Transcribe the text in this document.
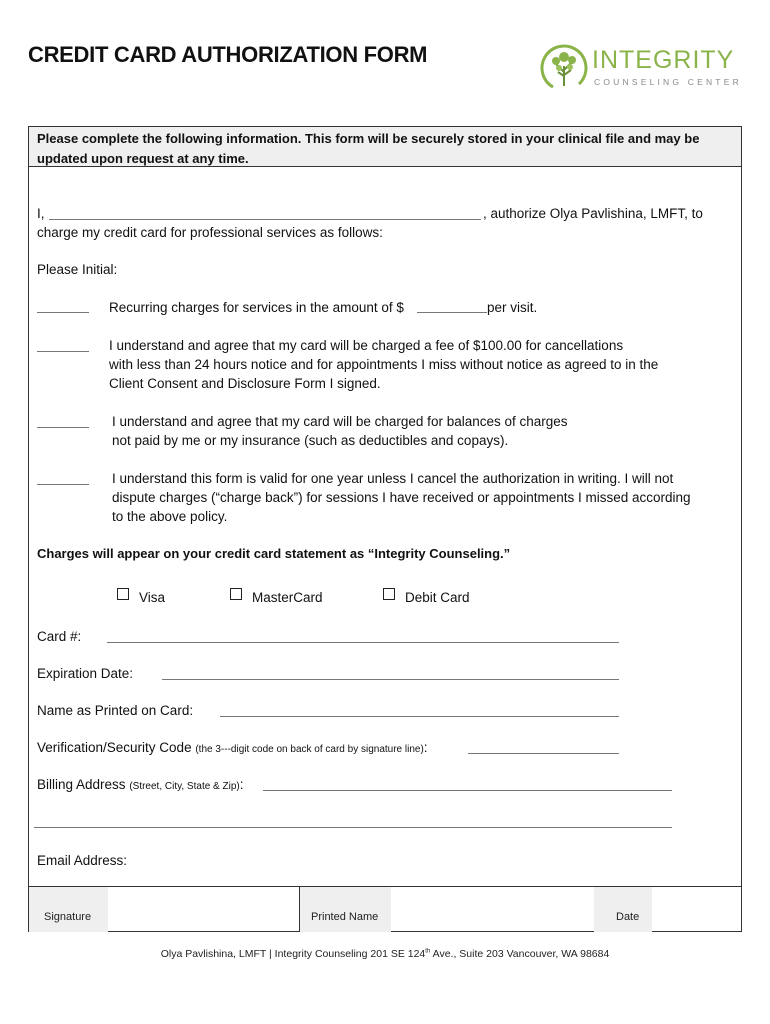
CREDIT CARD AUTHORIZATION FORM	INTEGRITY
COUNSELING CENTER
Please complete the following information. This form will be securely stored in your clinical file and may be
updated upon request at any time.
I,	, authorize Olya Pavlishina, LMFT, to
charge my credit card for professional services as follows:
Please Initial:
Recurring charges for services in the amount of $	per visit.
I understand and agree that my card will be charged a fee of $100.00 for cancellations
with less than 24 hours notice and for appointments I miss without notice as agreed to in the
Client Consent and Disclosure Form I signed.
I understand and agree that my card will be charged for balances of charges
not paid by me or my insurance (such as deductibles and copays).
I understand this form is valid for one year unless I cancel the authorization in writing. I will not
dispute charges (“charge back”) for sessions I have received or appointments I missed according
to the above policy.
Charges will appear on your credit card statement as “Integrity Counseling.”
Visa	MasterCard	Debit Card
Card #:
Expiration Date:
Name as Printed on Card:
Verification/Security Code (the 3---digit code on back of card by signature line):
Billing Address (Street, City, State & Zip):
Email Address:
Signature	Printed Name	Date
Olya Pavlishina, LMFT | Integrity Counseling 201 SE 124th Ave., Suite 203 Vancouver, WA 98684
